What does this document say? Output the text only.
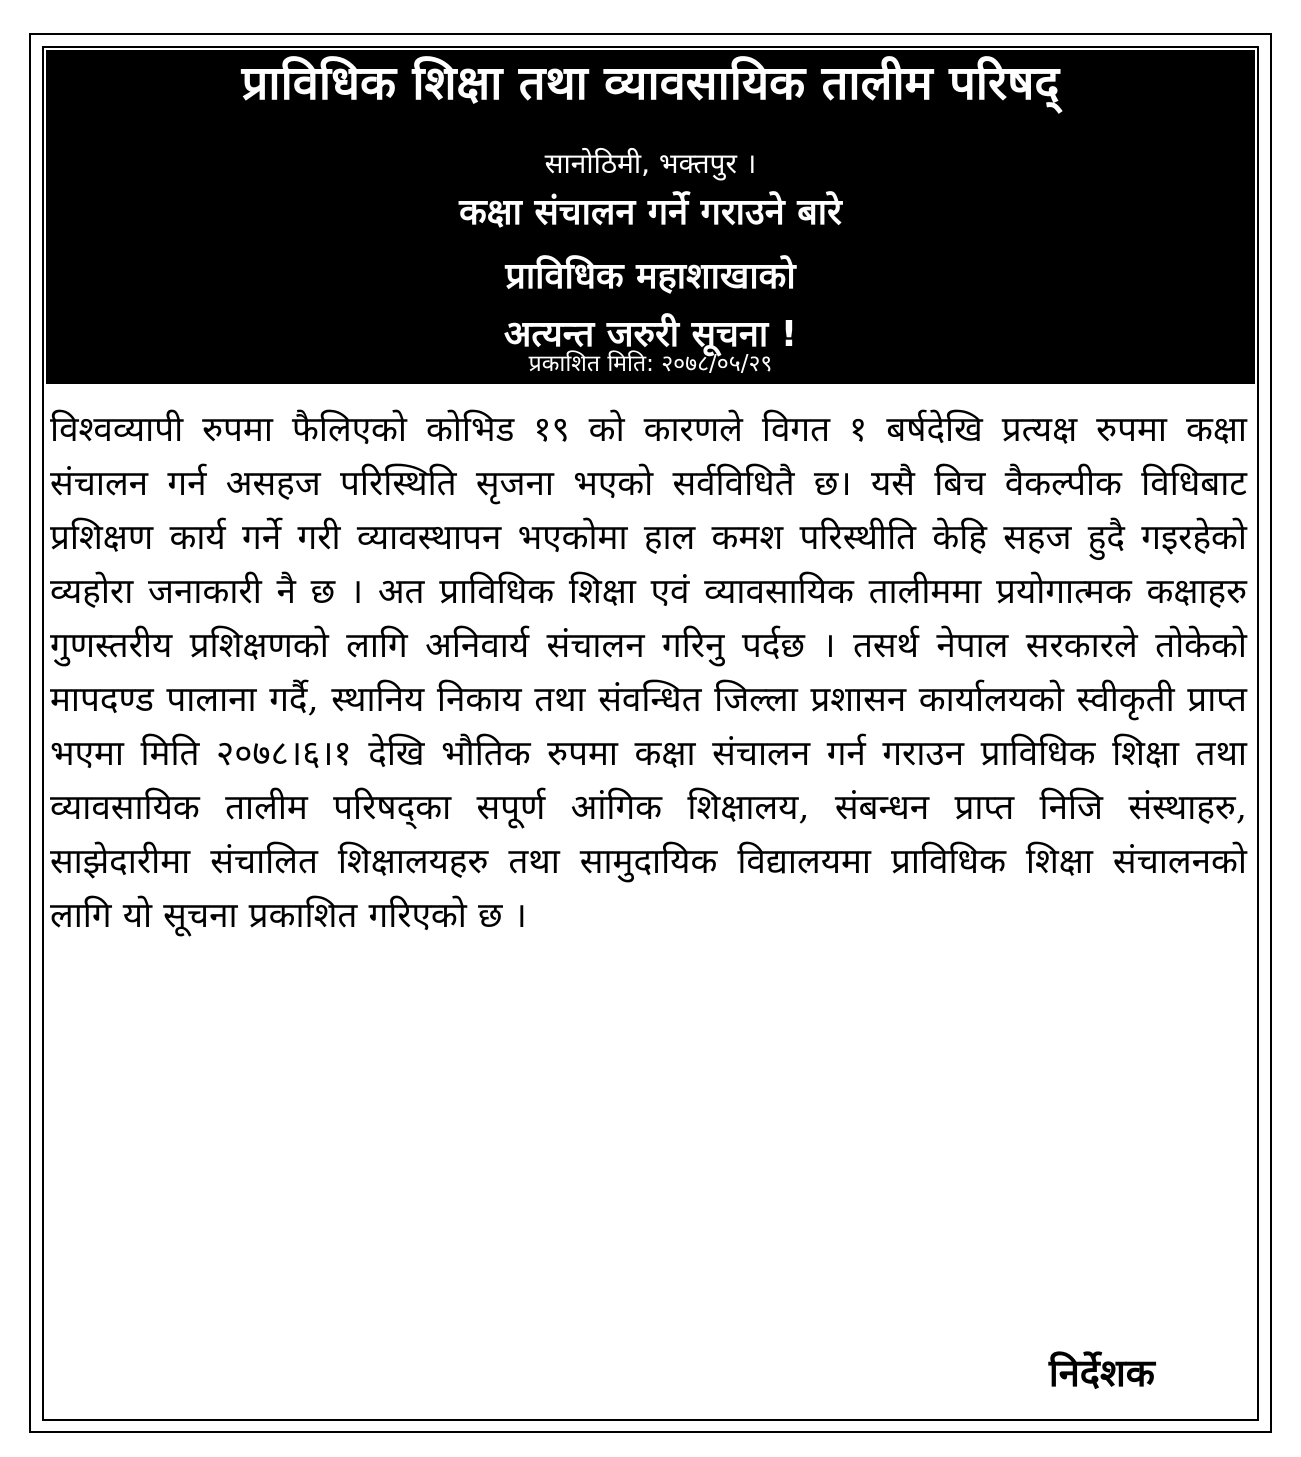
प्राविधिक शिक्षा तथा व्यावसायिक तालीम परिषद्
सानोठिमी, भक्तपुर ।
कक्षा संचालन गर्ने गराउने बारे
प्राविधिक महाशाखाको
अत्यन्त जरुरी सूचना !
प्रकाशित मिति: २०७८/०५/२९

विश्वव्यापी रुपमा फैलिएको कोभिड १९ को कारणले विगत १ बर्षदेखि प्रत्यक्ष रुपमा कक्षा संचालन गर्न असहज परिस्थिति सृजना भएको सर्वविधितै छ। यसै बिच वैकल्पीक विधिबाट प्रशिक्षण कार्य गर्ने गरी व्यावस्थापन भएकोमा हाल कमश परिस्थीति केहि सहज हुदै गइरहेको व्यहोरा जनाकारी नै छ । अत प्राविधिक शिक्षा एवं व्यावसायिक तालीममा प्रयोगात्मक कक्षाहरु गुणस्तरीय प्रशिक्षणको लागि अनिवार्य संचालन गरिनु पर्दछ । तसर्थ नेपाल सरकारले तोकेको मापदण्ड पालाना गर्दै, स्थानिय निकाय तथा संवन्धित जिल्ला प्रशासन कार्यालयको स्वीकृती प्राप्त भएमा मिति २०७८।६।१ देखि भौतिक रुपमा कक्षा संचालन गर्न गराउन प्राविधिक शिक्षा तथा व्यावसायिक तालीम परिषद्का सपूर्ण आंगिक शिक्षालय, संबन्धन प्राप्त निजि संस्थाहरु, साझेदारीमा संचालित शिक्षालयहरु तथा सामुदायिक विद्यालयमा प्राविधिक शिक्षा संचालनको लागि यो सूचना प्रकाशित गरिएको छ ।

निर्देशक
